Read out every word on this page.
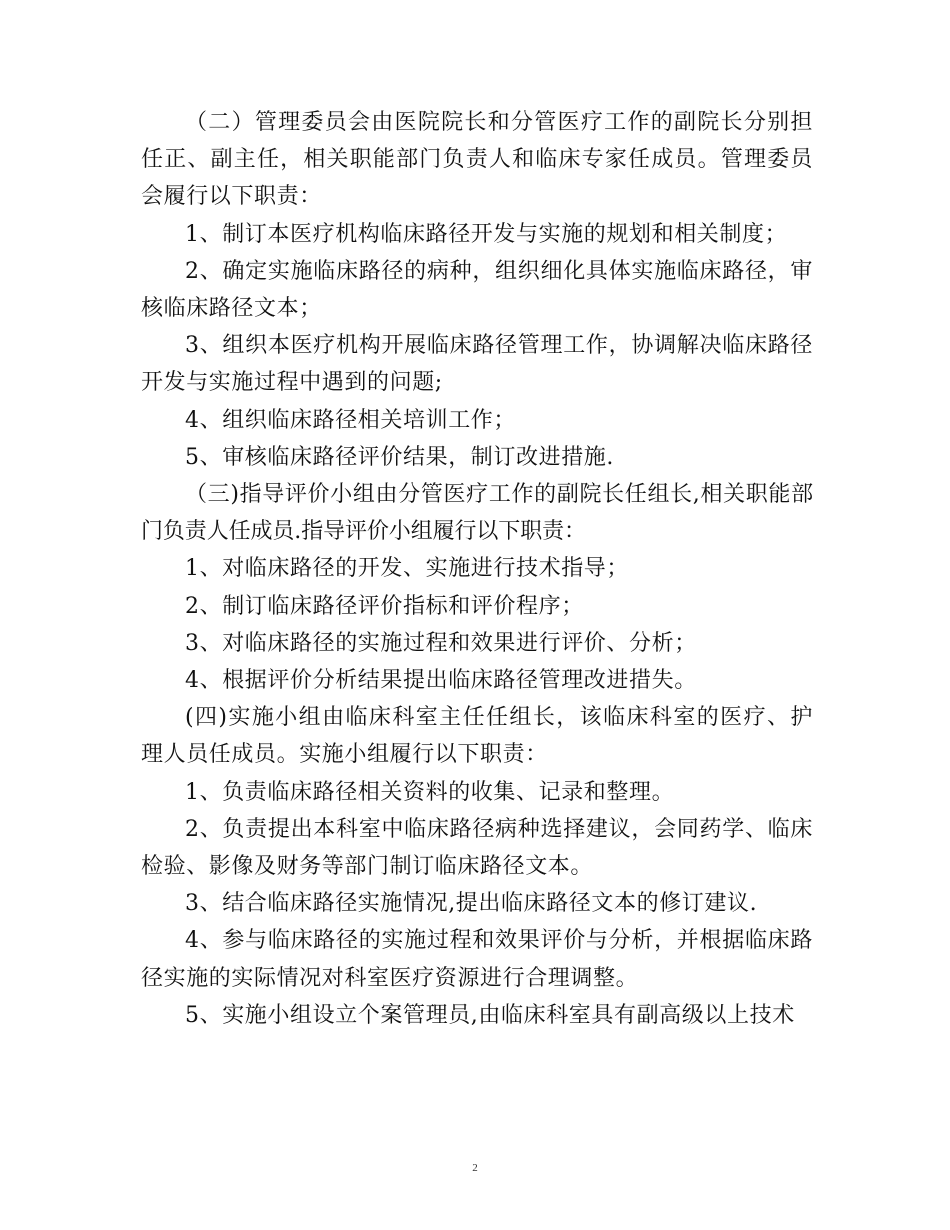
（二）管理委员会由医院院长和分管医疗工作的副院长分别担任正、副主任，相关职能部门负责人和临床专家任成员。管理委员会履行以下职责：

1、制订本医疗机构临床路径开发与实施的规划和相关制度；

2、确定实施临床路径的病种，组织细化具体实施临床路径，审核临床路径文本；

3、组织本医疗机构开展临床路径管理工作，协调解决临床路径开发与实施过程中遇到的问题;

4、组织临床路径相关培训工作；

5、审核临床路径评价结果，制订改进措施.

（三)指导评价小组由分管医疗工作的副院长任组长,相关职能部门负责人任成员.指导评价小组履行以下职责：

1、对临床路径的开发、实施进行技术指导；

2、制订临床路径评价指标和评价程序；

3、对临床路径的实施过程和效果进行评价、分析；

4、根据评价分析结果提出临床路径管理改进措失。

(四)实施小组由临床科室主任任组长，该临床科室的医疗、护理人员任成员。实施小组履行以下职责：

1、负责临床路径相关资料的收集、记录和整理。

2、负责提出本科室中临床路径病种选择建议，会同药学、临床检验、影像及财务等部门制订临床路径文本。

3、结合临床路径实施情况,提出临床路径文本的修订建议.

4、参与临床路径的实施过程和效果评价与分析，并根据临床路径实施的实际情况对科室医疗资源进行合理调整。

5、实施小组设立个案管理员,由临床科室具有副高级以上技术

2
